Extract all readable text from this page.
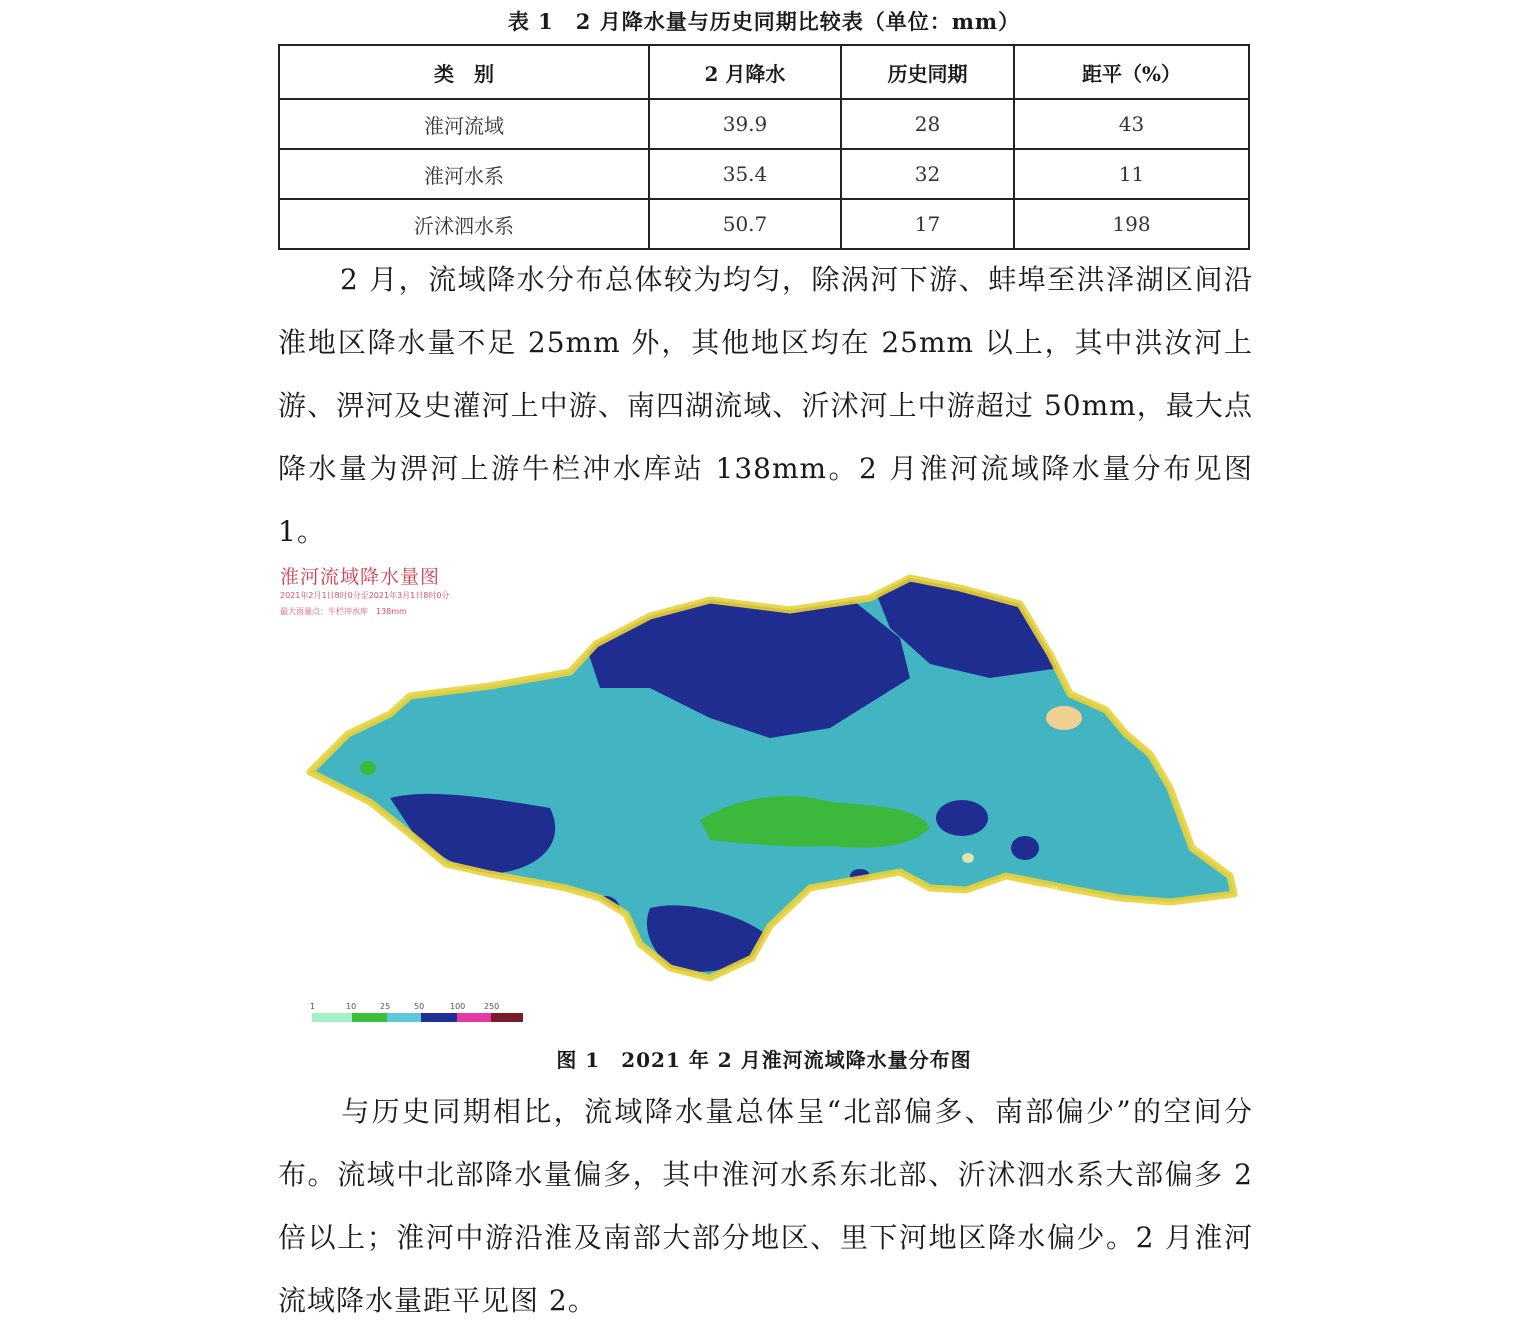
表 1　2 月降水量与历史同期比较表（单位：mm）
类　别	2 月降水	历史同期	距平（%）
淮河流域	39.9	28	43
淮河水系	35.4	32	11
沂沭泗水系	50.7	17	198

2 月，流域降水分布总体较为均匀，除涡河下游、蚌埠至洪泽湖区间沿淮地区降水量不足 25mm 外，其他地区均在 25mm 以上，其中洪汝河上游、淠河及史灌河上中游、南四湖流域、沂沭河上中游超过 50mm，最大点降水量为淠河上游牛栏冲水库站 138mm。2 月淮河流域降水量分布见图 1。

淮河流域降水量图
2021年2月1日8时0分至2021年3月1日8时0分
最大雨量点：牛栏冲水库　138mm
泰州
1	10	25	50	100 250
图 1　2021 年 2 月淮河流域降水量分布图

与历史同期相比，流域降水量总体呈“北部偏多、南部偏少”的空间分布。流域中北部降水量偏多，其中淮河水系东北部、沂沭泗水系大部偏多 2 倍以上；淮河中游沿淮及南部大部分地区、里下河地区降水偏少。2 月淮河流域降水量距平见图 2。
